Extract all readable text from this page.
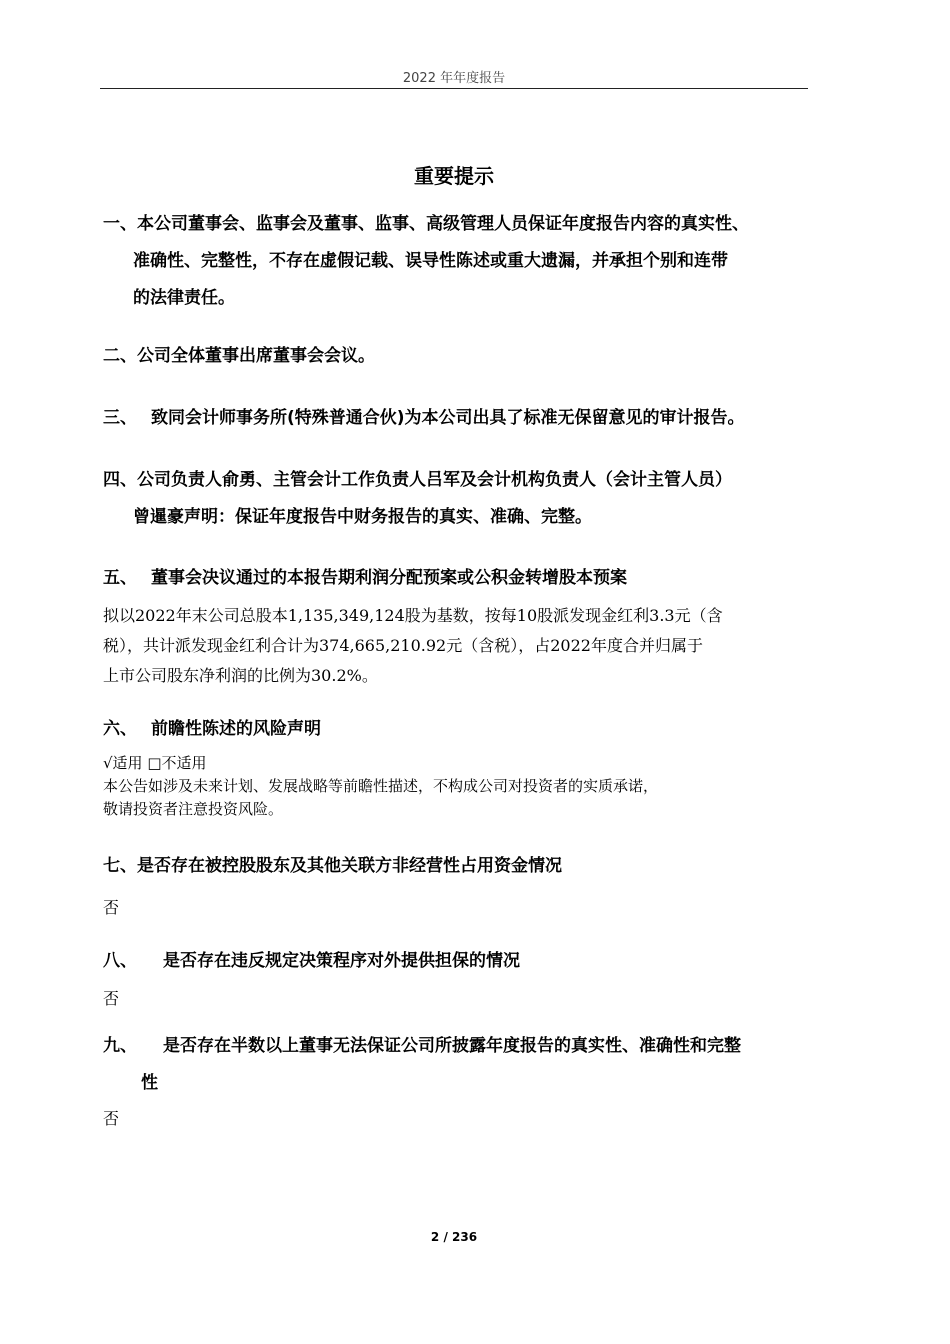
2022 年年度报告
重要提示
一、本公司董事会、监事会及董事、监事、高级管理人员保证年度报告内容的真实性、
准确性、完整性，不存在虚假记载、误导性陈述或重大遗漏，并承担个别和连带
的法律责任。
二、公司全体董事出席董事会会议。
三、 致同会计师事务所(特殊普通合伙)为本公司出具了标准无保留意见的审计报告。
四、公司负责人俞勇、主管会计工作负责人吕军及会计机构负责人（会计主管人员）
曾暹豪声明：保证年度报告中财务报告的真实、准确、完整。
五、 董事会决议通过的本报告期利润分配预案或公积金转增股本预案
拟以2022年末公司总股本1,135,349,124股为基数，按每10股派发现金红利3.3元（含
税），共计派发现金红利合计为374,665,210.92元（含税），占2022年度合并归属于
上市公司股东净利润的比例为30.2%。
六、 前瞻性陈述的风险声明
√适用 □不适用
本公告如涉及未来计划、发展战略等前瞻性描述，不构成公司对投资者的实质承诺，
敬请投资者注意投资风险。
七、是否存在被控股股东及其他关联方非经营性占用资金情况
否
八、 是否存在违反规定决策程序对外提供担保的情况
否
九、 是否存在半数以上董事无法保证公司所披露年度报告的真实性、准确性和完整
性
否
2 / 236
